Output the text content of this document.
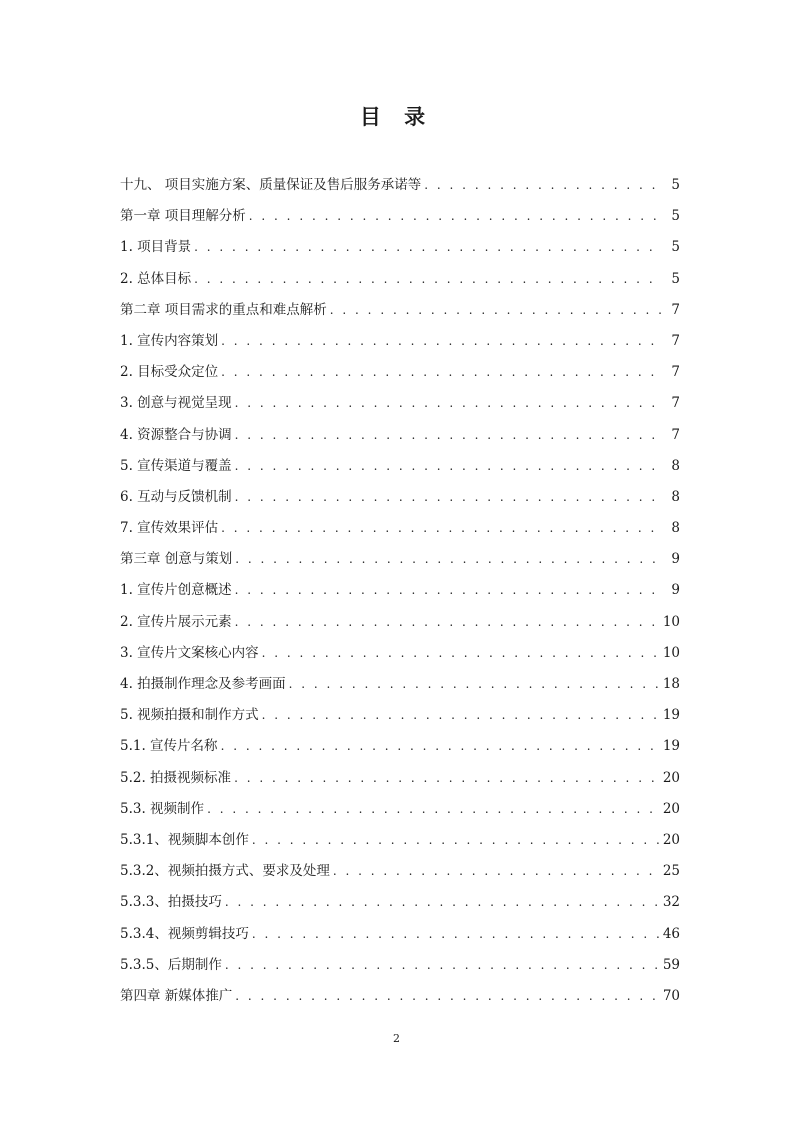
目 录
十九、 项目实施方案、质量保证及售后服务承诺等 . . .	5
第一章 项目理解分析 . . .	5
1. 项目背景 . . .	5
2. 总体目标 . . .	5
第二章 项目需求的重点和难点解析 . . .	7
1. 宣传内容策划 . . .	7
2. 目标受众定位 . . .	7
3. 创意与视觉呈现 . . .	7
4. 资源整合与协调 . . .	7
5. 宣传渠道与覆盖 . . .	8
6. 互动与反馈机制 . . .	8
7. 宣传效果评估 . . .	8
第三章 创意与策划 . . .	9
1. 宣传片创意概述 . . .	9
2. 宣传片展示元素 . . .	10
3. 宣传片文案核心内容 . . .	10
4. 拍摄制作理念及参考画面 . . .	18
5. 视频拍摄和制作方式 . . .	19
5.1. 宣传片名称 . . .	19
5.2. 拍摄视频标准 . . .	20
5.3. 视频制作 . . .	20
5.3.1、视频脚本创作 . . .	20
5.3.2、视频拍摄方式、要求及处理 . . .	25
5.3.3、拍摄技巧 . . .	32
5.3.4、视频剪辑技巧 . . .	46
5.3.5、后期制作 . . .	59
第四章 新媒体推广 . . .	70
2
